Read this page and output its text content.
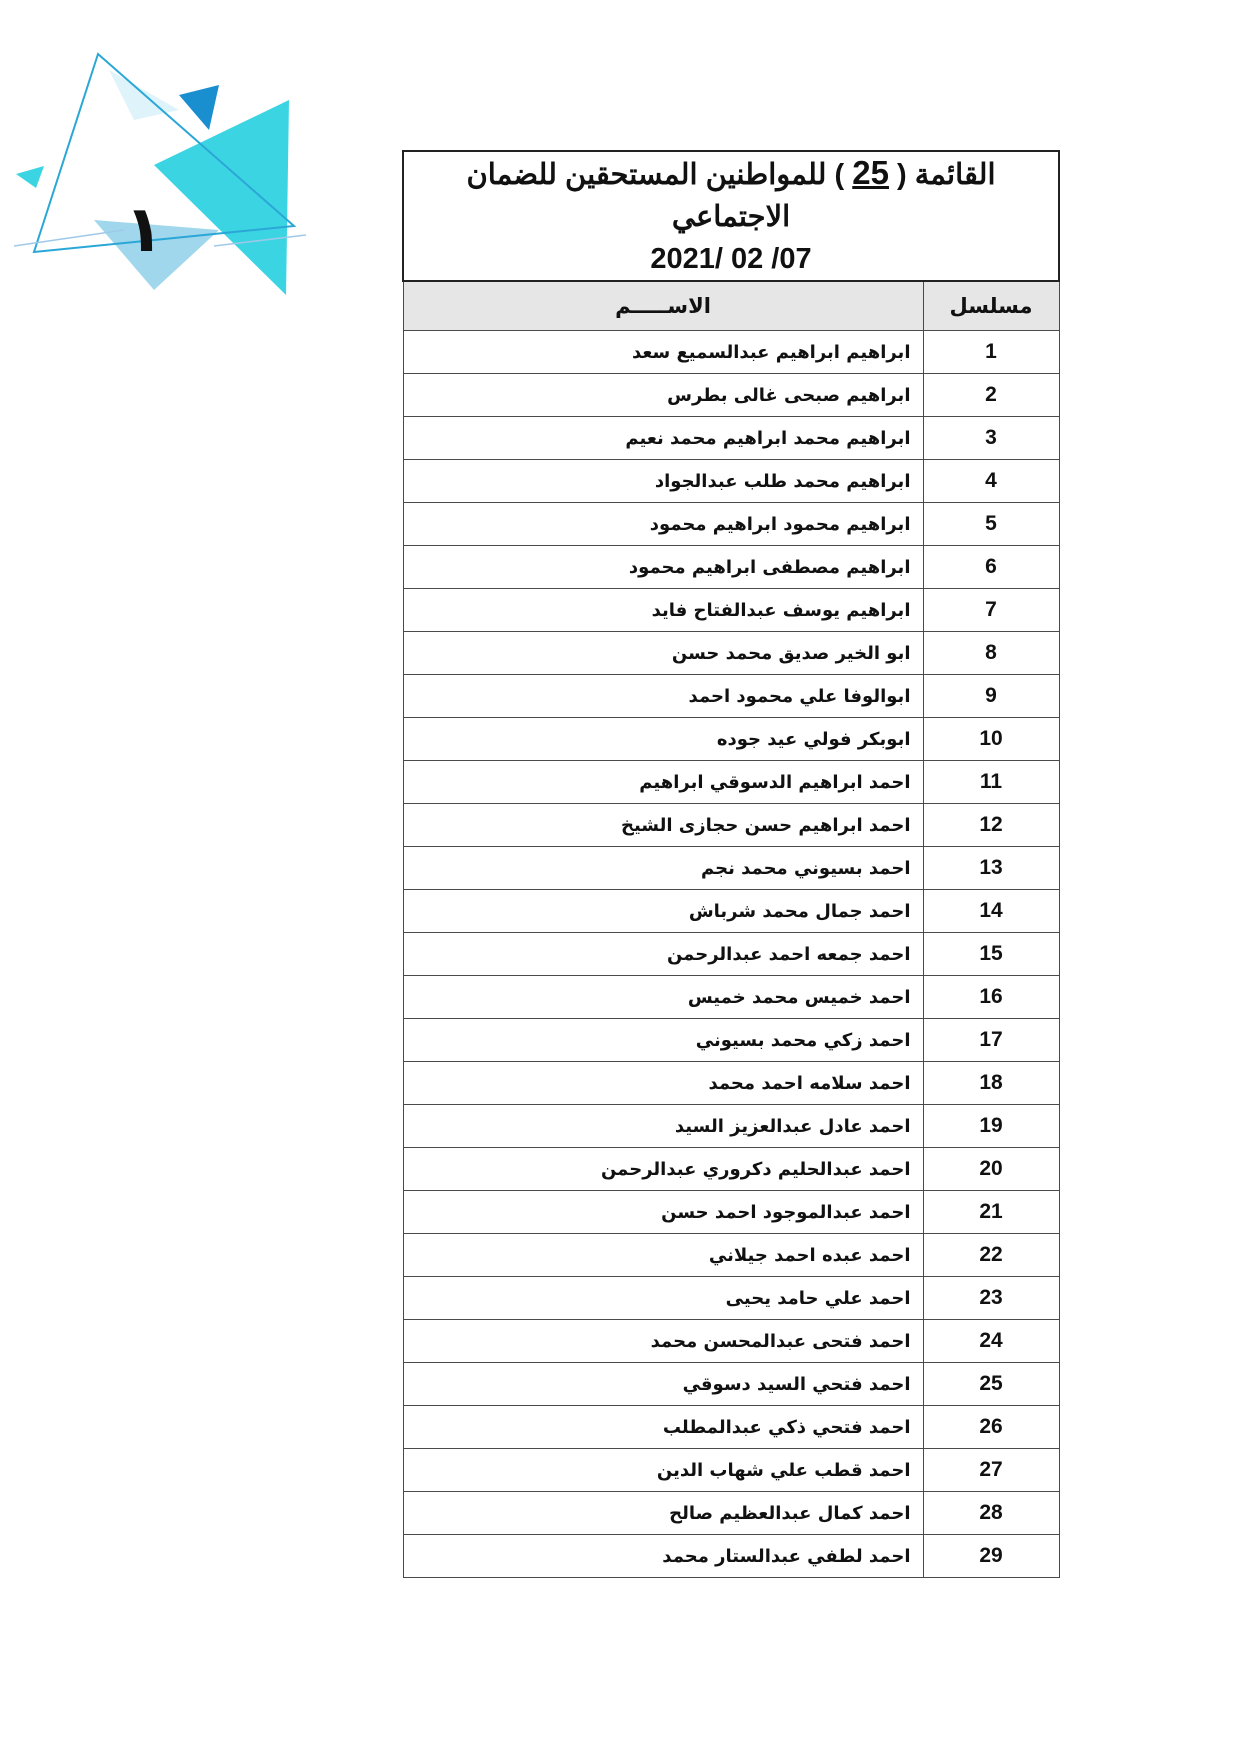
١
القائمة ( 25 ) للمواطنين المستحقين للضمان الاجتماعي
2021/ 02 /07	

الاســـــم	مسلسل
ابراهيم ابراهيم عبدالسميع سعد	1
ابراهيم صبحى غالى بطرس	2
ابراهيم محمد ابراهيم محمد نعيم	3
ابراهيم محمد طلب عبدالجواد	4
ابراهيم محمود ابراهيم محمود	5
ابراهيم مصطفى ابراهيم محمود	6
ابراهيم يوسف عبدالفتاح فايد	7
ابو الخير صديق محمد حسن	8
ابوالوفا علي محمود احمد	9
ابوبكر فولي عيد جوده	10
احمد ابراهيم الدسوقي ابراهيم	11
احمد ابراهيم حسن حجازى الشيخ	12
احمد بسيوني محمد نجم	13
احمد جمال محمد شرباش	14
احمد جمعه احمد عبدالرحمن	15
احمد خميس محمد خميس	16
احمد زكي محمد بسيوني	17
احمد سلامه احمد محمد	18
احمد عادل عبدالعزيز السيد	19
احمد عبدالحليم دكروري عبدالرحمن	20
احمد عبدالموجود احمد حسن	21
احمد عبده احمد جيلاني	22
احمد علي حامد يحيى	23
احمد فتحى عبدالمحسن محمد	24
احمد فتحي السيد دسوقي	25
احمد فتحي ذكي عبدالمطلب	26
احمد قطب علي شهاب الدين	27
احمد كمال عبدالعظيم صالح	28
احمد لطفي عبدالستار محمد	29
